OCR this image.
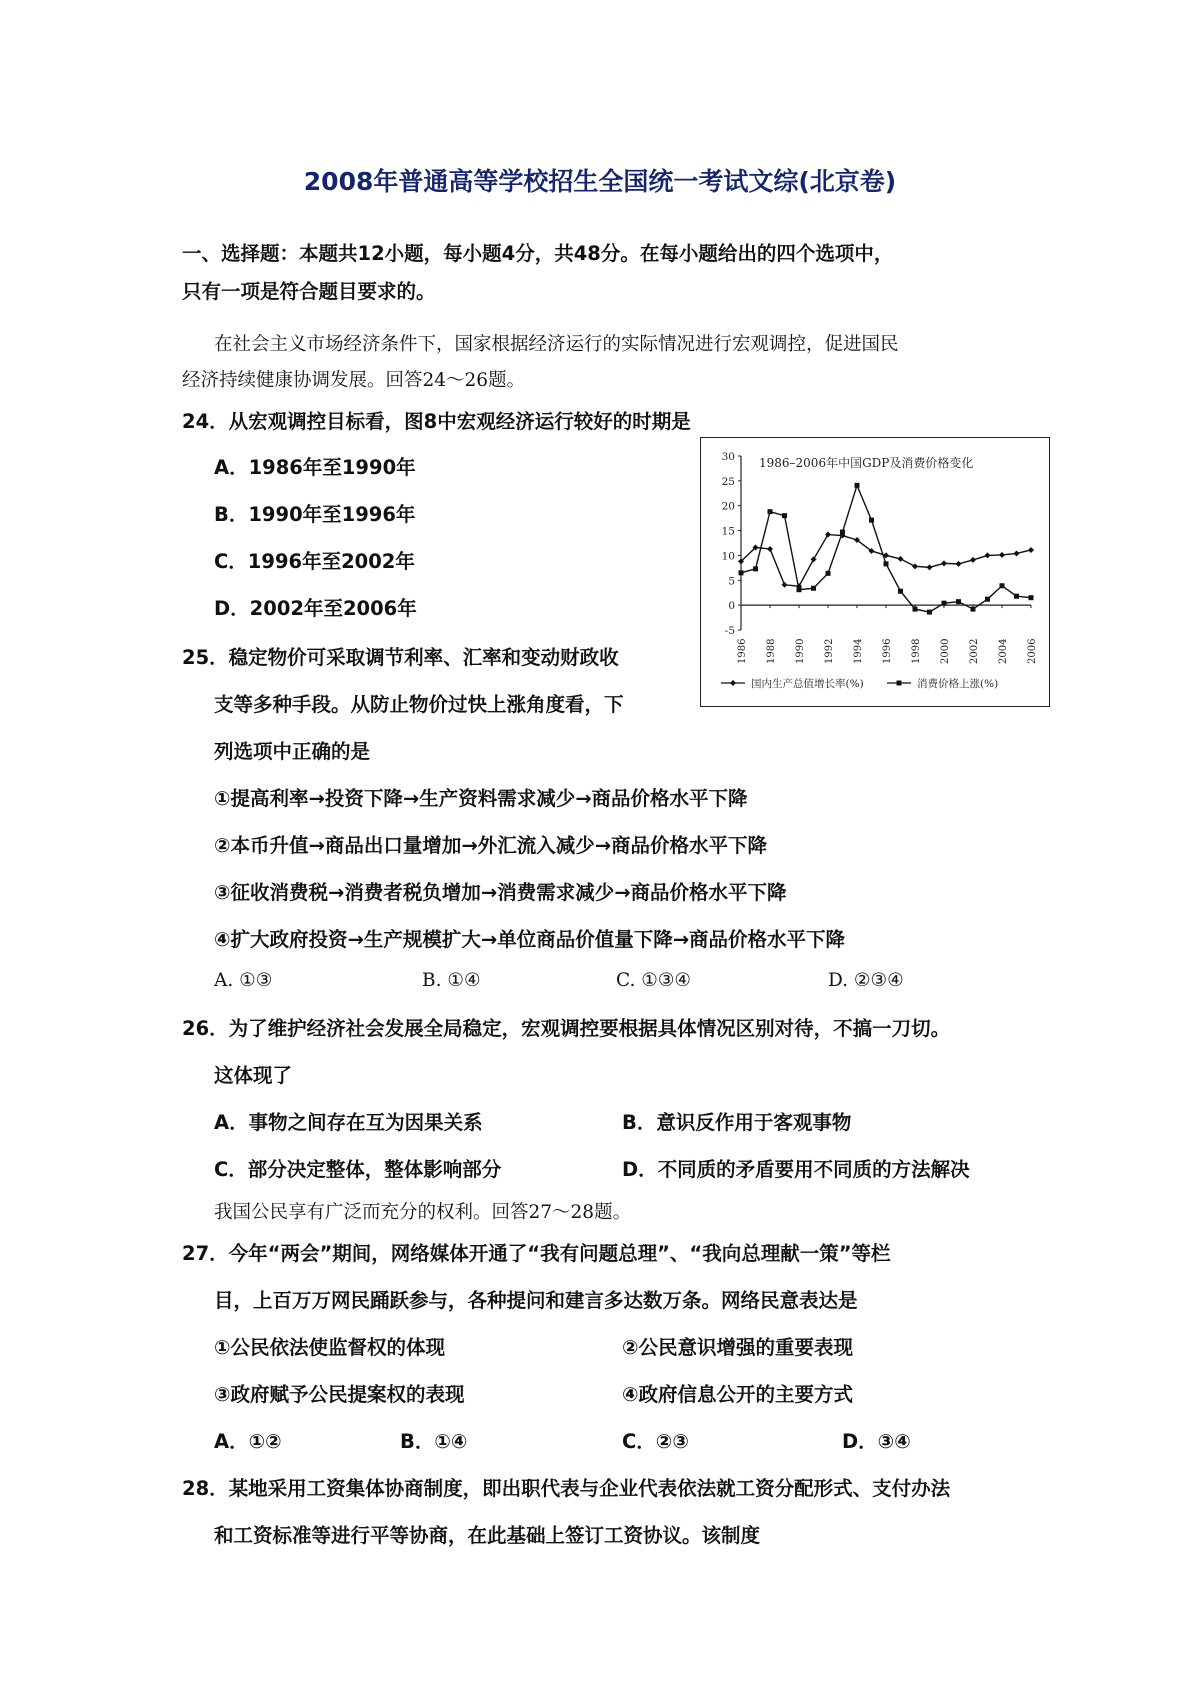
2008年普通高等学校招生全国统一考试文综(北京卷)
一、选择题：本题共12小题，每小题4分，共48分。在每小题给出的四个选项中，
只有一项是符合题目要求的。
在社会主义市场经济条件下，国家根据经济运行的实际情况进行宏观调控，促进国民
经济持续健康协调发展。回答24～26题。
24．从宏观调控目标看，图8中宏观经济运行较好的时期是
A．1986年至1990年
B．1990年至1996年
C．1996年至2002年
D．2002年至2006年
30
25
20
15
10
5
0
-5
1986 1988 1990 1992 1994 1996 1998 2000 2002 2004 2006
1986–2006年中国GDP及消费价格变化
国内生产总值增长率(%)	消费价格上涨(%)
25．稳定物价可采取调节利率、汇率和变动财政收
支等多种手段。从防止物价过快上涨角度看，下
列选项中正确的是
①提高利率→投资下降→生产资料需求减少→商品价格水平下降
②本币升值→商品出口量增加→外汇流入减少→商品价格水平下降
③征收消费税→消费者税负增加→消费需求减少→商品价格水平下降
④扩大政府投资→生产规模扩大→单位商品价值量下降→商品价格水平下降
A. ①③	B. ①④	C. ①③④	D. ②③④
26．为了维护经济社会发展全局稳定，宏观调控要根据具体情况区别对待，不搞一刀切。
这体现了
A．事物之间存在互为因果关系	B．意识反作用于客观事物
C．部分决定整体，整体影响部分	D．不同质的矛盾要用不同质的方法解决
我国公民享有广泛而充分的权利。回答27～28题。
27．今年“两会”期间，网络媒体开通了“我有问题总理”、“我向总理献一策”等栏
目，上百万万网民踊跃参与，各种提问和建言多达数万条。网络民意表达是
①公民依法使监督权的体现	②公民意识增强的重要表现
③政府赋予公民提案权的表现	④政府信息公开的主要方式
A．①②	B．①④	C．②③	D．③④
28．某地采用工资集体协商制度，即出职代表与企业代表依法就工资分配形式、支付办法
和工资标准等进行平等协商，在此基础上签订工资协议。该制度
